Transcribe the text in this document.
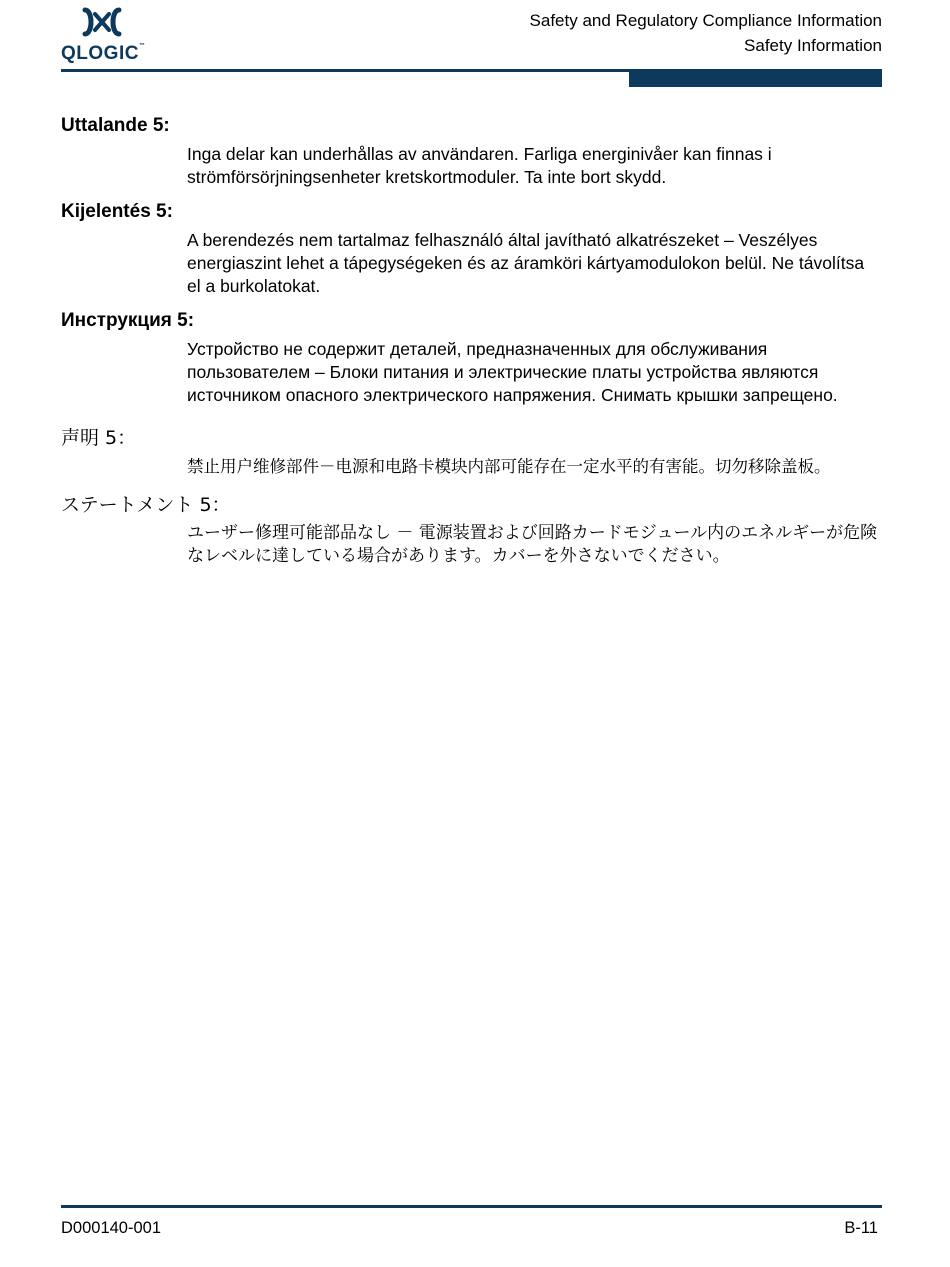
QLOGIC™
Safety and Regulatory Compliance Information
Safety Information
Uttalande 5:
Inga delar kan underhållas av användaren. Farliga energinivåer kan finnas i strömförsörjningsenheter kretskortmoduler. Ta inte bort skydd.
Kijelentés 5:
A berendezés nem tartalmaz felhasználó által javítható alkatrészeket – Veszélyes energiaszint lehet a tápegységeken és az áramköri kártyamodulokon belül. Ne távolítsa el a burkolatokat.
Инструкция 5:
Устройство не содержит деталей, предназначенных для обслуживания пользователем – Блоки питания и электрические платы устройства являются источником опасного электрического напряжения. Снимать крышки запрещено.
声明 5：
禁止用户维修部件－电源和电路卡模块内部可能存在一定水平的有害能。切勿移除盖板。
ステートメント 5：
ユーザー修理可能部品なし － 電源装置および回路カードモジュール内のエネルギーが危険なレベルに達している場合があります。カバーを外さないでください。
D000140-001	B-11
